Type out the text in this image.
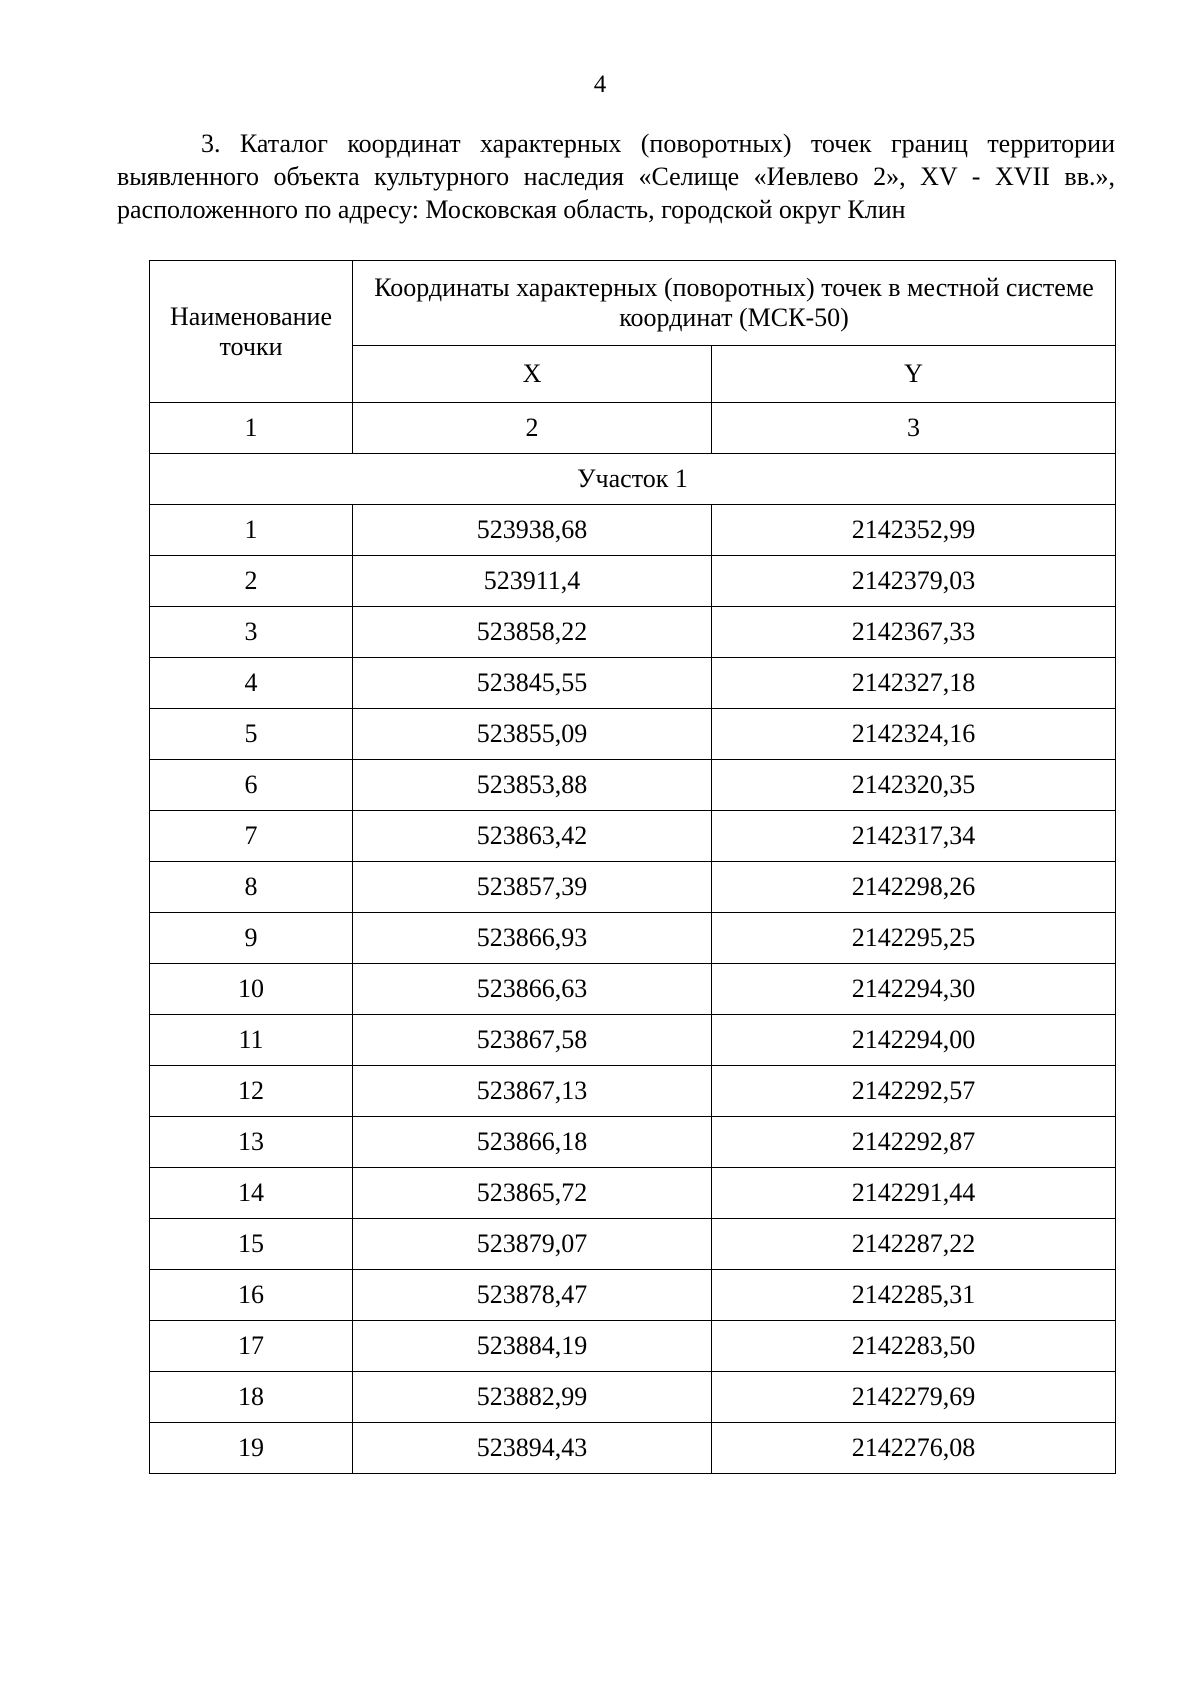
4
3. Каталог координат характерных (поворотных) точек границ территории выявленного объекта культурного наследия «Селище «Иевлево 2», XV - XVII вв.», расположенного по адресу: Московская область, городской округ Клин
Наименование точки	Координаты характерных (поворотных) точек в местной системе координат (МСК-50)	
	X	Y
1	2	3
Участок 1		
1	523938,68	2142352,99
2	523911,4	2142379,03
3	523858,22	2142367,33
4	523845,55	2142327,18
5	523855,09	2142324,16
6	523853,88	2142320,35
7	523863,42	2142317,34
8	523857,39	2142298,26
9	523866,93	2142295,25
10	523866,63	2142294,30
11	523867,58	2142294,00
12	523867,13	2142292,57
13	523866,18	2142292,87
14	523865,72	2142291,44
15	523879,07	2142287,22
16	523878,47	2142285,31
17	523884,19	2142283,50
18	523882,99	2142279,69
19	523894,43	2142276,08
